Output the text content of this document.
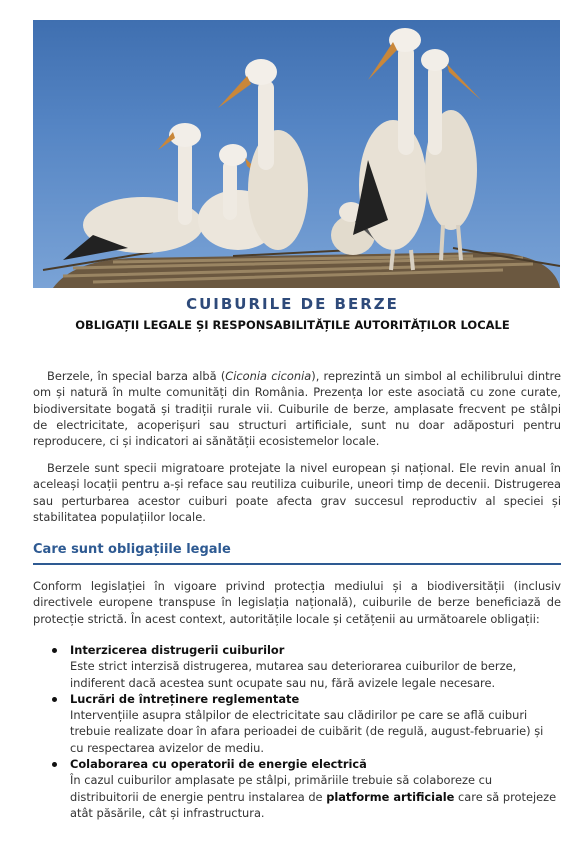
CUIBURILE DE BERZE
OBLIGAȚII LEGALE ȘI RESPONSABILITĂȚILE AUTORITĂȚILOR LOCALE

Berzele, în special barza albă (Ciconia ciconia), reprezintă un simbol al echilibrului dintre om și natură în multe comunități din România. Prezența lor este asociată cu zone curate, biodiversitate bogată și tradiții rurale vii. Cuiburile de berze, amplasate frecvent pe stâlpi de electricitate, acoperișuri sau structuri artificiale, sunt nu doar adăposturi pentru reproducere, ci și indicatori ai sănătății ecosistemelor locale.

Berzele sunt specii migratoare protejate la nivel european și național. Ele revin anual în aceleași locații pentru a-și reface sau reutiliza cuiburile, uneori timp de decenii. Distrugerea sau perturbarea acestor cuiburi poate afecta grav succesul reproductiv al speciei și stabilitatea populațiilor locale.

Care sunt obligațiile legale

Conform legislației în vigoare privind protecția mediului și a biodiversității (inclusiv directivele europene transpuse în legislația națională), cuiburile de berze beneficiază de protecție strictă. În acest context, autoritățile locale și cetățenii au următoarele obligații:

Interzicerea distrugerii cuiburilor
Este strict interzisă distrugerea, mutarea sau deteriorarea cuiburilor de berze, indiferent dacă acestea sunt ocupate sau nu, fără avizele legale necesare.
Lucrări de întreținere reglementate
Intervențiile asupra stâlpilor de electricitate sau clădirilor pe care se află cuiburi trebuie realizate doar în afara perioadei de cuibărit (de regulă, august-februarie) și cu respectarea avizelor de mediu.
Colaborarea cu operatorii de energie electrică
În cazul cuiburilor amplasate pe stâlpi, primăriile trebuie să colaboreze cu distribuitorii de energie pentru instalarea de platforme artificiale care să protejeze atât păsările, cât și infrastructura.
